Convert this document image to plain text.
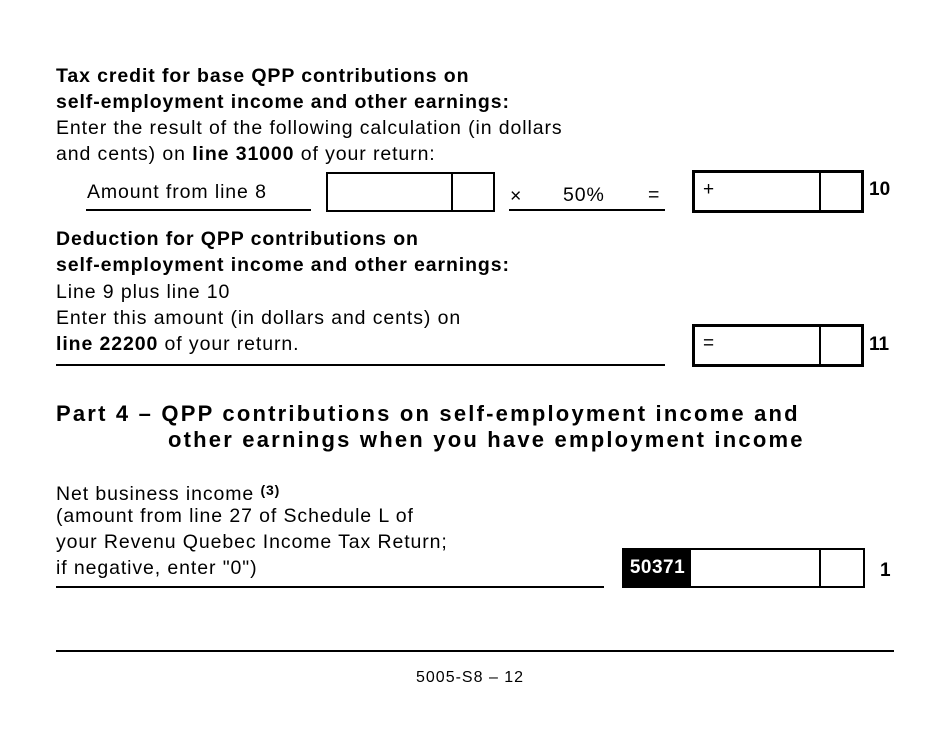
Tax credit for base QPP contributions on
self-employment income and other earnings:
Enter the result of the following calculation (in dollars
and cents) on line 31000 of your return:
Amount from line 8	× 50% = +	10
Deduction for QPP contributions on
self-employment income and other earnings:
Line 9 plus line 10
Enter this amount (in dollars and cents) on
line 22200 of your return.	=	11
Part 4 – QPP contributions on self-employment income and
other earnings when you have employment income
Net business income $^{(3)}$
(amount from line 27 of Schedule L of
your Revenu Quebec Income Tax Return;
if negative, enter "0")	50371	1
5005-S8 – 12
